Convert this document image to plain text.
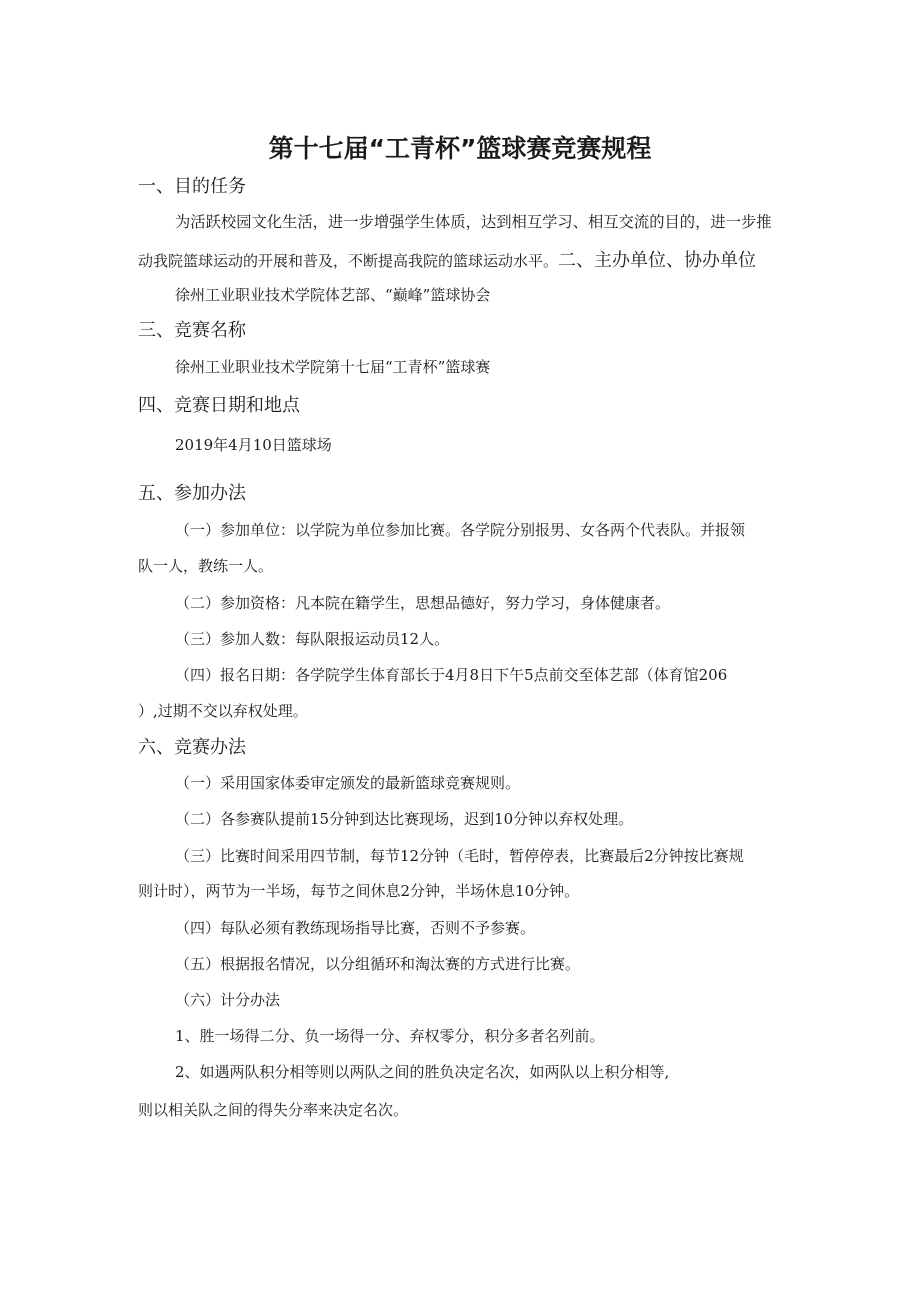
第十七届“工青杯”篮球赛竞赛规程
一、目的任务
为活跃校园文化生活，进一步增强学生体质，达到相互学习、相互交流的目的，进一步推
动我院篮球运动的开展和普及，不断提高我院的篮球运动水平。二、主办单位、协办单位
徐州工业职业技术学院体艺部、“巅峰”篮球协会
三、竞赛名称
徐州工业职业技术学院第十七届“工青杯”篮球赛
四、竞赛日期和地点
2019年4月10日篮球场
五、参加办法
（一）参加单位：以学院为单位参加比赛。各学院分别报男、女各两个代表队。并报领
队一人，教练一人。
（二）参加资格：凡本院在籍学生，思想品德好，努力学习，身体健康者。
（三）参加人数：每队限报运动员12人。
（四）报名日期：各学院学生体育部长于4月8日下午5点前交至体艺部（体育馆206
）,过期不交以弃权处理。
六、竞赛办法
（一）采用国家体委审定颁发的最新篮球竞赛规则。
（二）各参赛队提前15分钟到达比赛现场，迟到10分钟以弃权处理。
（三）比赛时间采用四节制，每节12分钟（毛时，暂停停表，比赛最后2分钟按比赛规
则计时），两节为一半场，每节之间休息2分钟，半场休息10分钟。
（四）每队必须有教练现场指导比赛，否则不予参赛。
（五）根据报名情况，以分组循环和淘汰赛的方式进行比赛。
（六）计分办法
1、胜一场得二分、负一场得一分、弃权零分，积分多者名列前。
2、如遇两队积分相等则以两队之间的胜负决定名次，如两队以上积分相等,
则以相关队之间的得失分率来决定名次。
